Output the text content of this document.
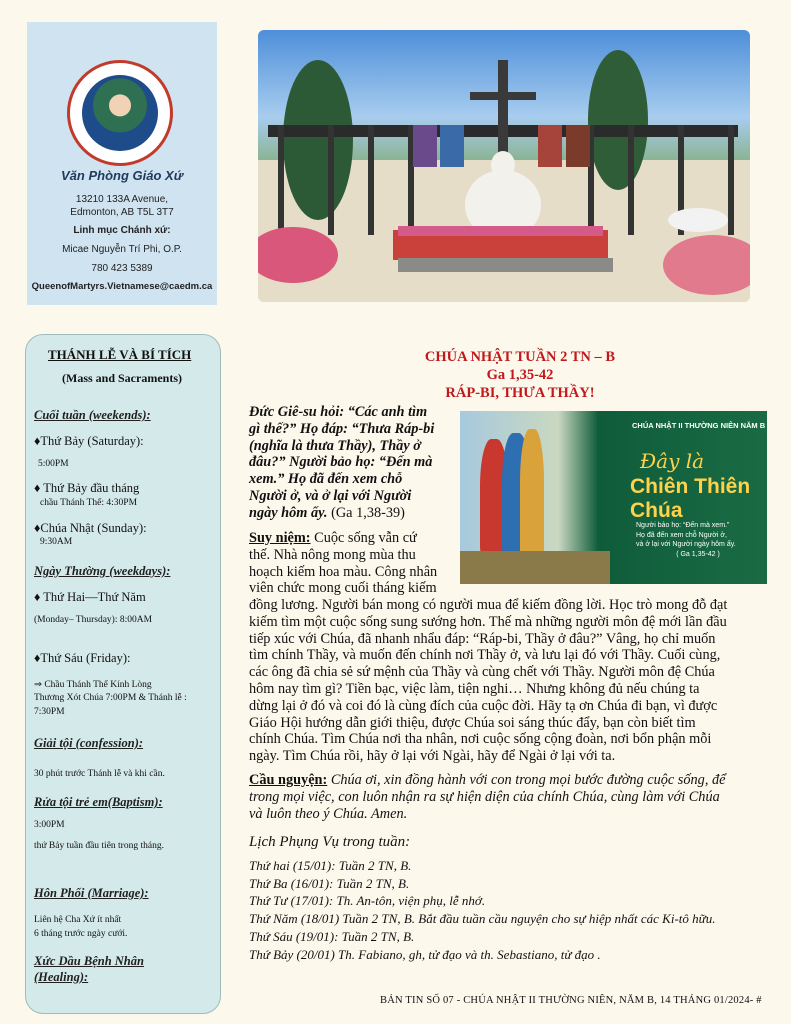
Văn Phòng Giáo Xứ
13210 133A Avenue,
Edmonton, AB T5L 3T7
Linh mục Chánh xứ:
Micae Nguyễn Trí Phi, O.P.
780 423 5389
QueenofMartyrs.Vietnamese@caedm.ca
THÁNH LỄ VÀ BÍ TÍCH
(Mass and Sacraments)
Cuối tuần (weekends):
♦Thứ Bảy (Saturday):
5:00PM
♦ Thứ Bảy đầu tháng
chầu Thánh Thể: 4:30PM
♦Chúa Nhật (Sunday):
9:30AM
Ngày Thường (weekdays):
♦ Thứ Hai—Thứ Năm
(Monday– Thursday): 8:00AM
♦Thứ Sáu (Friday):
⇒ Chầu Thánh Thể Kính Lòng
Thương Xót Chúa 7:00PM & Thánh lễ :
7:30PM
Giải tội (confession):
30 phút trước Thánh lễ và khi cần.
Rửa tội trẻ em(Baptism):
3:00PM
thứ Bảy tuần đầu tiên trong tháng.
Hôn Phối (Marriage):
Liên hệ Cha Xứ ít nhất
6 tháng trước ngày cưới.
Xức Dầu Bệnh Nhân
(Healing):
CHÚA NHẬT TUẦN 2 TN – B
Ga 1,35-42
RÁP-BI, THƯA THẦY!
CHÚA NHẬT II THƯỜNG NIÊN NĂM B
Đây là
Chiên Thiên Chúa
Người bảo họ: “Đến mà xem.”
Họ đã đến xem chỗ Người ở,
và ở lại với Người ngày hôm ấy.
( Ga 1,35-42 )
Đức Giê-su hỏi: “Các anh tìm
gì thế?” Họ đáp: “Thưa Ráp-bi
(nghĩa là thưa Thầy), Thầy ở
đâu?” Người bảo họ: “Đến mà
xem.” Họ đã đến xem chỗ
Người ở, và ở lại với Người
ngày hôm ấy. (Ga 1,38-39)
Suy niệm: Cuộc sống vẫn cứ
thế. Nhà nông mong mùa thu
hoạch kiếm hoa màu. Công nhân
viên chức mong cuối tháng kiếm
đồng lương. Người bán mong có người mua để kiếm đồng lời. Học trò mong đỗ đạt
kiếm tìm một cuộc sống sung sướng hơn. Thế mà những người môn đệ mới lần đầu
tiếp xúc với Chúa, đã nhanh nhẩu đáp: “Ráp-bi, Thầy ở đâu?” Vâng, họ chỉ muốn
tìm chính Thầy, và muốn đến chính nơi Thầy ở, và lưu lại đó với Thầy. Cuối cùng,
các ông đã chia sẻ sứ mệnh của Thầy và cùng chết với Thầy. Người môn đệ Chúa
hôm nay tìm gì? Tiền bạc, việc làm, tiện nghi… Nhưng không đủ nếu chúng ta
dừng lại ở đó và coi đó là cùng đích của cuộc đời. Hãy tạ ơn Chúa đi bạn, vì được
Giáo Hội hướng dẫn giới thiệu, được Chúa soi sáng thúc đẩy, bạn còn biết tìm
chính Chúa. Tìm Chúa nơi tha nhân, nơi cuộc sống cộng đoàn, nơi bổn phận mỗi
ngày. Tìm Chúa rồi, hãy ở lại với Ngài, hãy để Ngài ở lại với ta.
Cầu nguyện: Chúa ơi, xin đồng hành với con trong mọi bước đường cuộc sống, để
trong mọi việc, con luôn nhận ra sự hiện diện của chính Chúa, cùng làm với Chúa
và luôn theo ý Chúa. Amen.
Lịch Phụng Vụ trong tuần:
Thứ hai (15/01): Tuần 2 TN, B.
Thứ Ba (16/01): Tuần 2 TN, B.
Thứ Tư (17/01): Th. An-tôn, viện phụ, lễ nhớ.
Thứ Năm (18/01) Tuần 2 TN, B. Bắt đầu tuần cầu nguyện cho sự hiệp nhất các Ki-tô hữu.
Thứ Sáu (19/01): Tuần 2 TN, B.
Thứ Bảy (20/01) Th. Fabiano, gh, tử đạo và th. Sebastiano, tử đạo .
BẢN TIN SỐ 07 - CHÚA NHẬT II THƯỜNG NIÊN, NĂM B, 14 THÁNG 01/2024- #
